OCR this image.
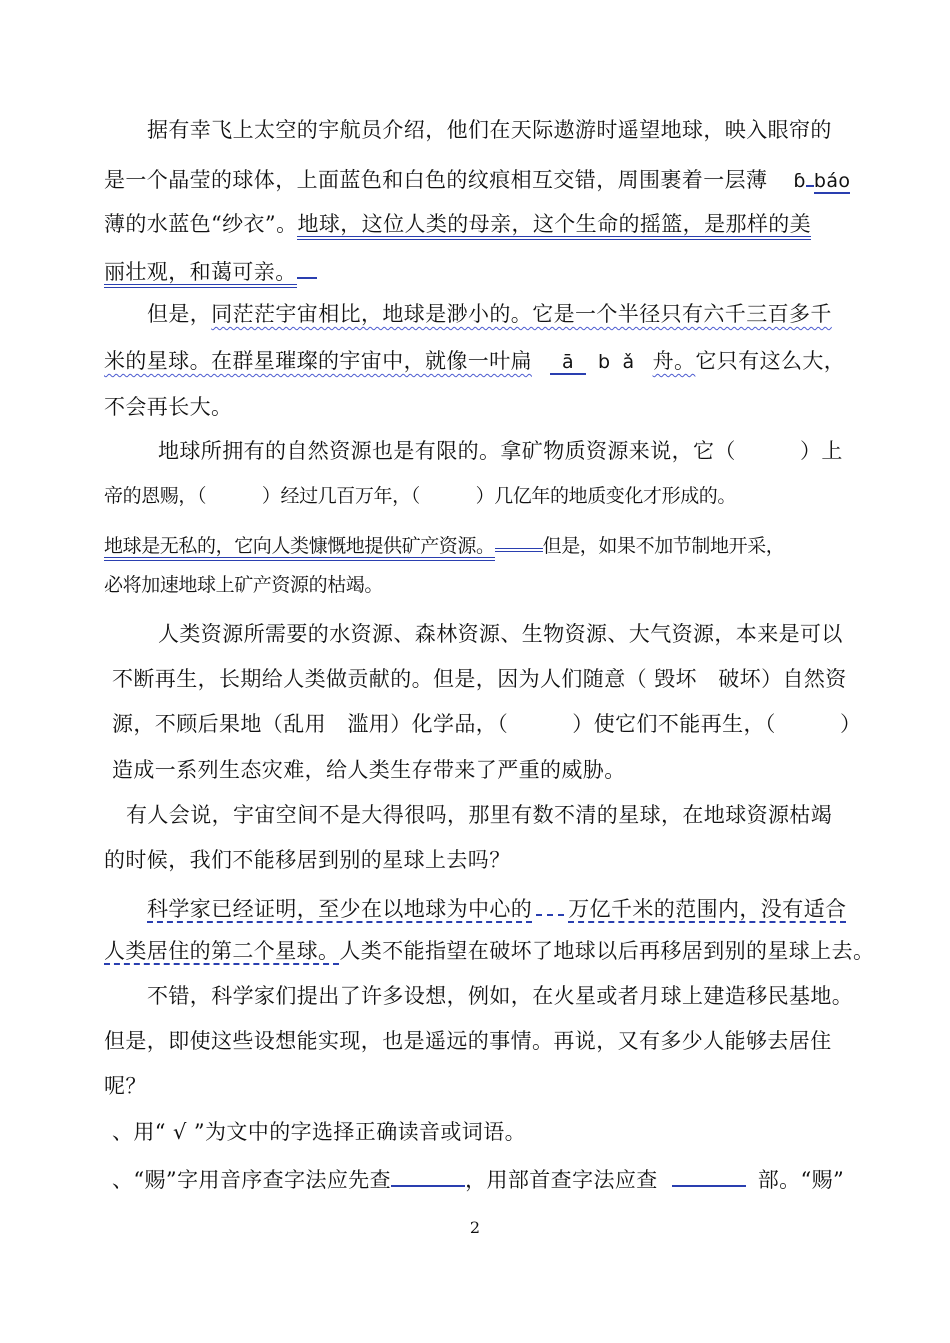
据有幸飞上太空的宇航员介绍，他们在天际遨游时遥望地球，映入眼帘的
是一个晶莹的球体，上面蓝色和白色的纹痕相互交错，周围裹着一层薄 ɓ báo
薄的水蓝色“纱衣”。地球，这位人类的母亲，这个生命的摇篮，是那样的美
丽壮观，和蔼可亲。
但是，同茫茫宇宙相比，地球是渺小的。它是一个半径只有六千三百多千
米的星球。在群星璀璨的宇宙中，就像一叶扁 ā b ǎ 舟。它只有这么大，
不会再长大。
地球所拥有的自然资源也是有限的。拿矿物质资源来说，它（　　　）上
帝的恩赐，（　　　）经过几百万年，（　　　）几亿年的地质变化才形成的。
地球是无私的，它向人类慷慨地提供矿产资源。	但是，如果不加节制地开采，
必将加速地球上矿产资源的枯竭。
人类资源所需要的水资源、森林资源、生物资源、大气资源，本来是可以
不断再生，长期给人类做贡献的。但是，因为人们随意（ 毁坏　破坏）自然资
源，不顾后果地（乱用　滥用）化学品，（　　　）使它们不能再生，（　　　）
造成一系列生态灾难，给人类生存带来了严重的威胁。
有人会说，宇宙空间不是大得很吗，那里有数不清的星球，在地球资源枯竭
的时候，我们不能移居到别的星球上去吗？
科学家已经证明，至少在以地球为中心的 万亿千米的范围内，没有适合
人类居住的第二个星球。人类不能指望在破坏了地球以后再移居到别的星球上去。
不错，科学家们提出了许多设想，例如，在火星或者月球上建造移民基地。
但是，即使这些设想能实现，也是遥远的事情。再说，又有多少人能够去居住
呢？
、用“ √ ”为文中的字选择正确读音或词语。
、“赐”字用音序查字法应先查	，用部首查字法应查	部。“赐”
2
